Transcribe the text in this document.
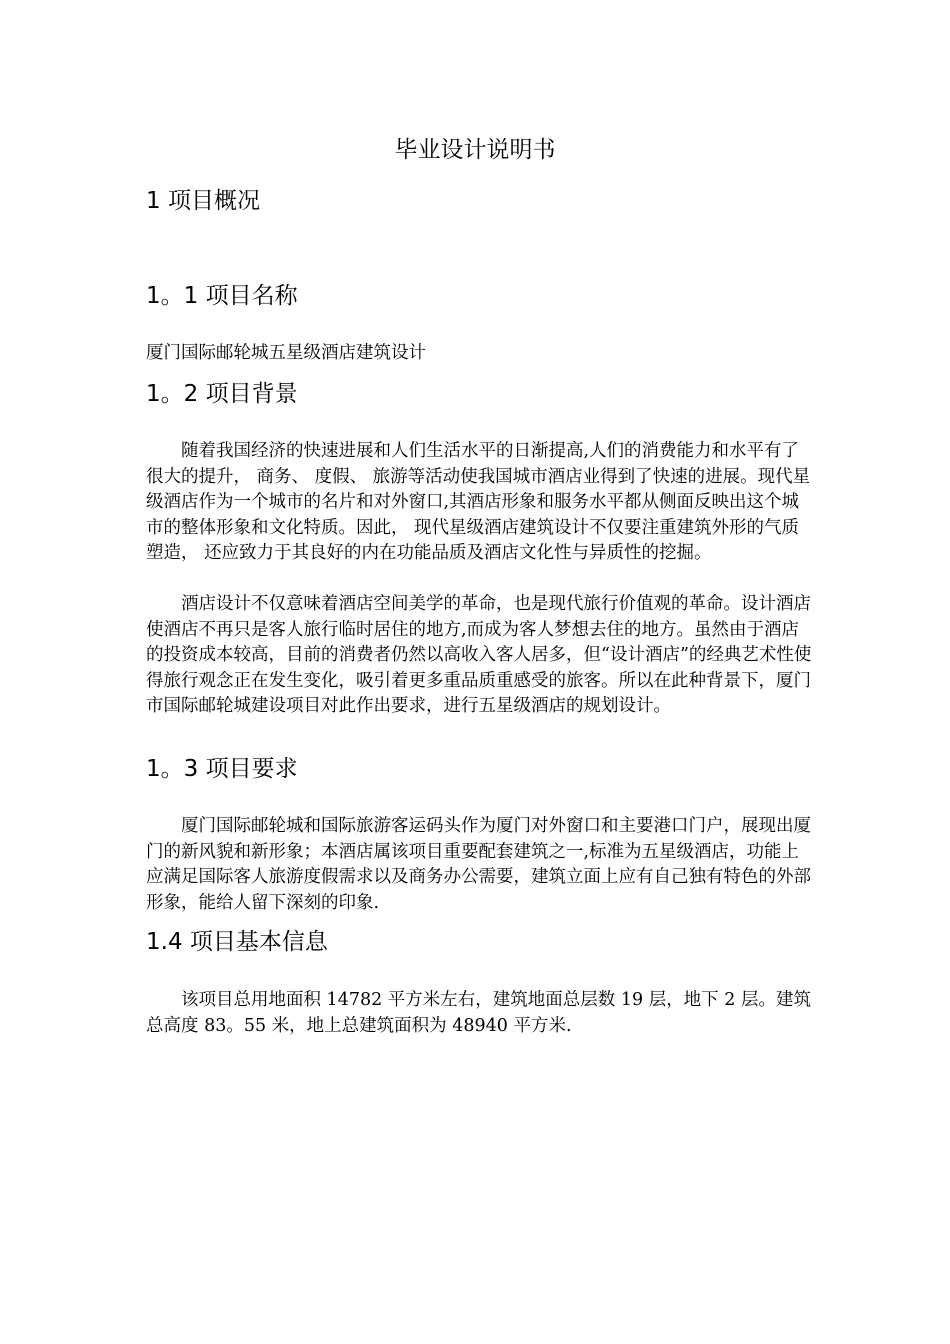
毕业设计说明书
1 项目概况
1。1 项目名称

厦门国际邮轮城五星级酒店建筑设计

1。2 项目背景

随着我国经济的快速进展和人们生活水平的日渐提高,人们的消费能力和水平有了很大的提升， 商务、 度假、 旅游等活动使我国城市酒店业得到了快速的进展。现代星级酒店作为一个城市的名片和对外窗口,其酒店形象和服务水平都从侧面反映出这个城市的整体形象和文化特质。因此， 现代星级酒店建筑设计不仅要注重建筑外形的气质塑造， 还应致力于其良好的内在功能品质及酒店文化性与异质性的挖掘。

酒店设计不仅意味着酒店空间美学的革命，也是现代旅行价值观的革命。设计酒店使酒店不再只是客人旅行临时居住的地方,而成为客人梦想去住的地方。虽然由于酒店的投资成本较高，目前的消费者仍然以高收入客人居多，但“设计酒店”的经典艺术性使得旅行观念正在发生变化，吸引着更多重品质重感受的旅客。所以在此种背景下，厦门市国际邮轮城建设项目对此作出要求，进行五星级酒店的规划设计。

1。3 项目要求

厦门国际邮轮城和国际旅游客运码头作为厦门对外窗口和主要港口门户，展现出厦门的新风貌和新形象；本酒店属该项目重要配套建筑之一,标准为五星级酒店，功能上应满足国际客人旅游度假需求以及商务办公需要，建筑立面上应有自己独有特色的外部形象，能给人留下深刻的印象.

1.4 项目基本信息

该项目总用地面积 14782 平方米左右，建筑地面总层数 19 层，地下 2 层。建筑总高度 83。55 米，地上总建筑面积为 48940 平方米.
